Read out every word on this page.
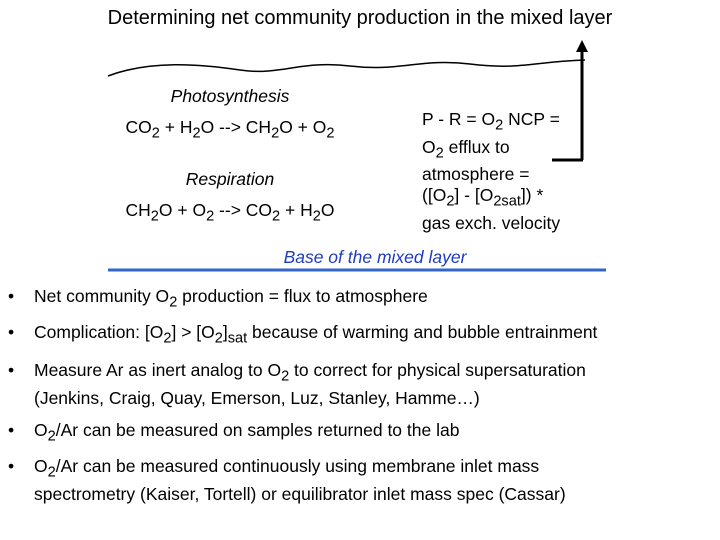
Determining net community production in the mixed layer
Photosynthesis
$CO_2 + H_2O$ --> $CH_2O + O_2$
Respiration
$CH_2O + O_2$ --> $CO_2 + H_2O$
$P - R = O_2$ NCP =
$O_2$ efflux to
atmosphere =
$([O_2] - [O_{2sat}])$ *
gas exch. velocity
Base of the mixed layer
• Net community $O_2$ production = flux to atmosphere
• Complication: $[O_2] > [O_2]_{sat}$ because of warming and bubble entrainment
• Measure Ar as inert analog to $O_2$ to correct for physical supersaturation
(Jenkins, Craig, Quay, Emerson, Luz, Stanley, Hamme…)
• $O_2/Ar$ can be measured on samples returned to the lab
• $O_2/Ar$ can be measured continuously using membrane inlet mass
spectrometry (Kaiser, Tortell) or equilibrator inlet mass spec (Cassar)
